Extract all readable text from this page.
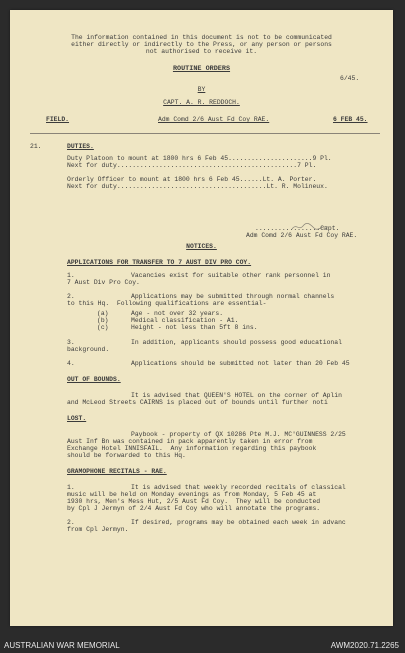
The information contained in this document is not to be communicated
either directly or indirectly to the Press, or any person or persons
not authorised to receive it.
ROUTINE ORDERS
6/45.
BY
CAPT. A. R. REDDOCH.
FIELD.	Adm Comd 2/6 Aust Fd Coy RAE.	6 FEB 45.
21.	DUTIES.
Duty Platoon to mount at 1800 hrs 6 Feb 45......................9 Pl.
Next for duty...............................................7 Pl.
Orderly Officer to mount at 1800 hrs 6 Feb 45......Lt. A. Porter.
Next for duty.......................................Lt. R. Molineux.
.................Capt.
Adm Comd 2/6 Aust Fd Coy RAE.
NOTICES.
APPLICATIONS FOR TRANSFER TO 7 AUST DIV PRO COY.
1.	Vacancies exist for suitable other rank personnel in
7 Aust Div Pro Coy.
2.	Applications may be submitted through normal channels
to this Hq.  Following qualifications are essential-
(a)	Age - not over 32 years.
(b)	Medical classification - A1.
(c)	Height - not less than 5ft 8 ins.
3.	In addition, applicants should possess good educational
background.
4.	Applications should be submitted not later than 20 Feb 45
OUT OF BOUNDS.
It is advised that QUEEN'S HOTEL on the corner of Aplin
and McLeod Streets CAIRNS is placed out of bounds until further noti
LOST.
Paybook - property of QX 10286 Pte M.J. MC'GUINNESS 2/25
Aust Inf Bn was contained in pack apparently taken in error from
Exchange Hotel INNISFAIL.  Any information regarding this paybook
should be forwarded to this Hq.
GRAMOPHONE RECITALS - RAE.
1.	It is advised that weekly recorded recitals of classical
music will be held on Monday evenings as from Monday, 5 Feb 45 at
1930 hrs, Men's Mess Hut, 2/5 Aust Fd Coy.  They will be conducted
by Cpl J Jermyn of 2/4 Aust Fd Coy who will annotate the programs.
2.	If desired, programs may be obtained each week in advanc
from Cpl Jermyn.
AUSTRALIAN WAR MEMORIAL	AWM2020.71.2265
